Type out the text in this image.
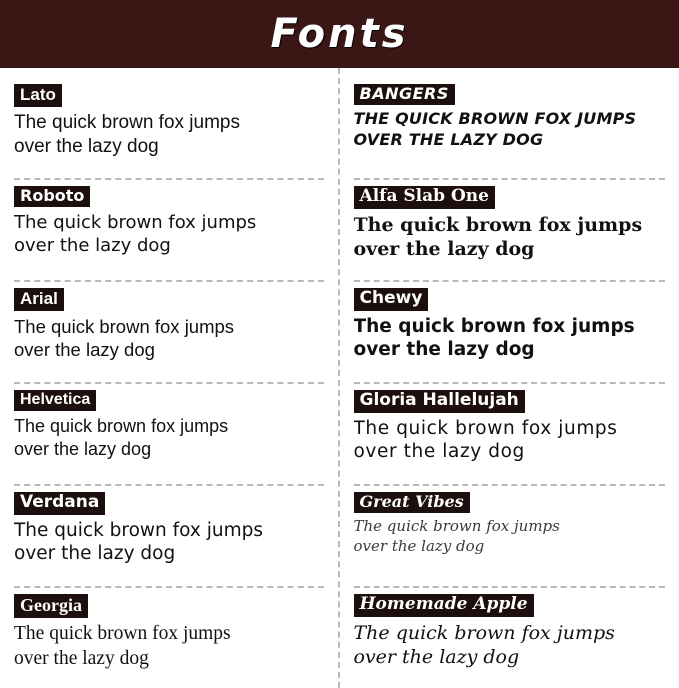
Fonts
Lato
The quick brown fox jumps
over the lazy dog
Roboto
The quick brown fox jumps
over the lazy dog
Arial
The quick brown fox jumps
over the lazy dog
Helvetica
The quick brown fox jumps
over the lazy dog
Verdana
The quick brown fox jumps
over the lazy dog
Georgia
The quick brown fox jumps
over the lazy dog
BANGERS
THE QUICK BROWN FOX JUMPS
OVER THE LAZY DOG
Alfa Slab One
The quick brown fox jumps
over the lazy dog
Chewy
The quick brown fox jumps
over the lazy dog
Gloria Hallelujah
The quick brown fox jumps
over the lazy dog
Great Vibes
The quick brown fox jumps
over the lazy dog
Homemade Apple
The quick brown fox jumps
over the lazy dog
